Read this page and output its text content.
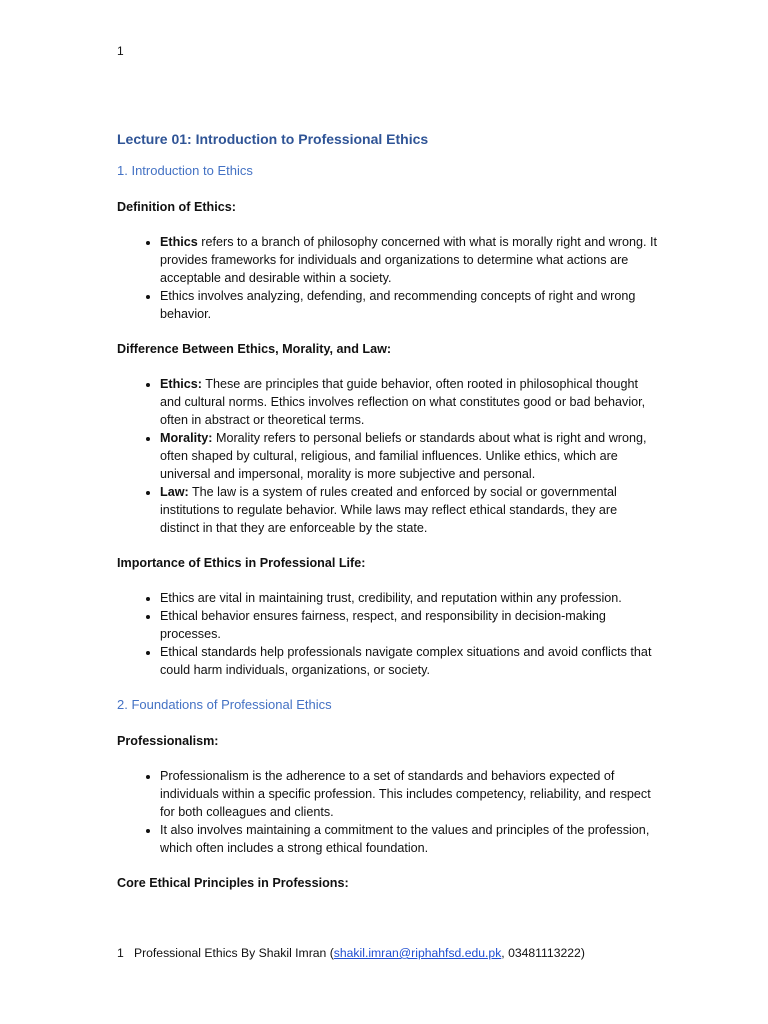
1
Lecture 01: Introduction to Professional Ethics
1. Introduction to Ethics
Definition of Ethics:
• Ethics refers to a branch of philosophy concerned with what is morally right and wrong. It provides frameworks for individuals and organizations to determine what actions are acceptable and desirable within a society.
• Ethics involves analyzing, defending, and recommending concepts of right and wrong behavior.
Difference Between Ethics, Morality, and Law:
• Ethics: These are principles that guide behavior, often rooted in philosophical thought and cultural norms. Ethics involves reflection on what constitutes good or bad behavior, often in abstract or theoretical terms.
• Morality: Morality refers to personal beliefs or standards about what is right and wrong, often shaped by cultural, religious, and familial influences. Unlike ethics, which are universal and impersonal, morality is more subjective and personal.
• Law: The law is a system of rules created and enforced by social or governmental institutions to regulate behavior. While laws may reflect ethical standards, they are distinct in that they are enforceable by the state.
Importance of Ethics in Professional Life:
• Ethics are vital in maintaining trust, credibility, and reputation within any profession.
• Ethical behavior ensures fairness, respect, and responsibility in decision-making processes.
• Ethical standards help professionals navigate complex situations and avoid conflicts that could harm individuals, organizations, or society.
2. Foundations of Professional Ethics
Professionalism:
• Professionalism is the adherence to a set of standards and behaviors expected of individuals within a specific profession. This includes competency, reliability, and respect for both colleagues and clients.
• It also involves maintaining a commitment to the values and principles of the profession, which often includes a strong ethical foundation.
Core Ethical Principles in Professions:
1 Professional Ethics By Shakil Imran (shakil.imran@riphahfsd.edu.pk, 03481113222)
